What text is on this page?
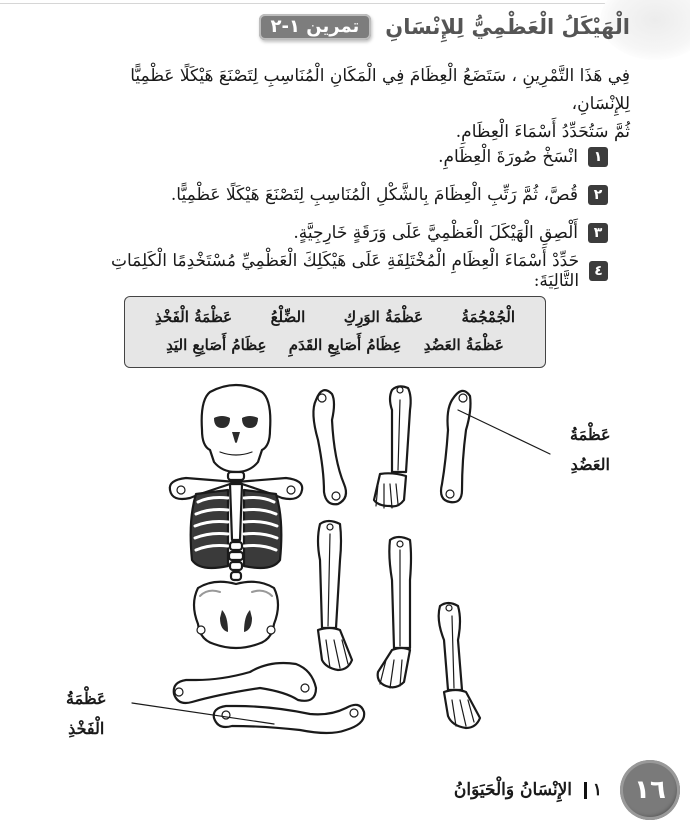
تمرين ١-٢	الْهَيْكَلُ الْعَظْمِيُّ لِلإِنْسَانِ
فِي هَذَا التَّمْرِينِ ، سَتَضَعُ الْعِظَامَ فِي الْمَكَانِ الْمُنَاسِبِ لِتَصْنَعَ هَيْكَلًا عَظْمِيًّا لِلإِنْسَانِ،
ثُمَّ سَتُحَدِّدُ أَسْمَاءَ الْعِظَامِ.
١
انْسَخْ صُورَةَ الْعِظَامِ.
٢
قُصَّ، ثُمَّ رَتِّبِ الْعِظَامَ بِالشَّكْلِ الْمُنَاسِبِ لِتَصْنَعَ هَيْكَلًا عَظْمِيًّا.
٣
أَلْصِقِ الْهَيْكَلَ الْعَظْمِيَّ عَلَى وَرَقَةٍ خَارِجِيَّةٍ.
٤
حَدِّدْ أَسْمَاءَ الْعِظَامِ الْمُخْتَلِفَةِ عَلَى هَيْكَلِكَ الْعَظْمِيِّ مُسْتَخْدِمًا الْكَلِمَاتِ التَّالِيَةَ:
الْجُمْجُمَةُ
عَظْمَةُ الوَرِكِ
الضِّلْعُ
عَظْمَةُ الْفَخْذِ
عَظْمَةُ العَضُدِ
عِظَامُ أَصَابِعِ القَدَمِ
عِظَامُ أَصَابِعِ اليَدِ
عَظْمَةُ
العَضُدِ
عَظْمَةُ
الْفَخْذِ
١٦
١  الإِنْسَانُ وَالْحَيَوَانُ
